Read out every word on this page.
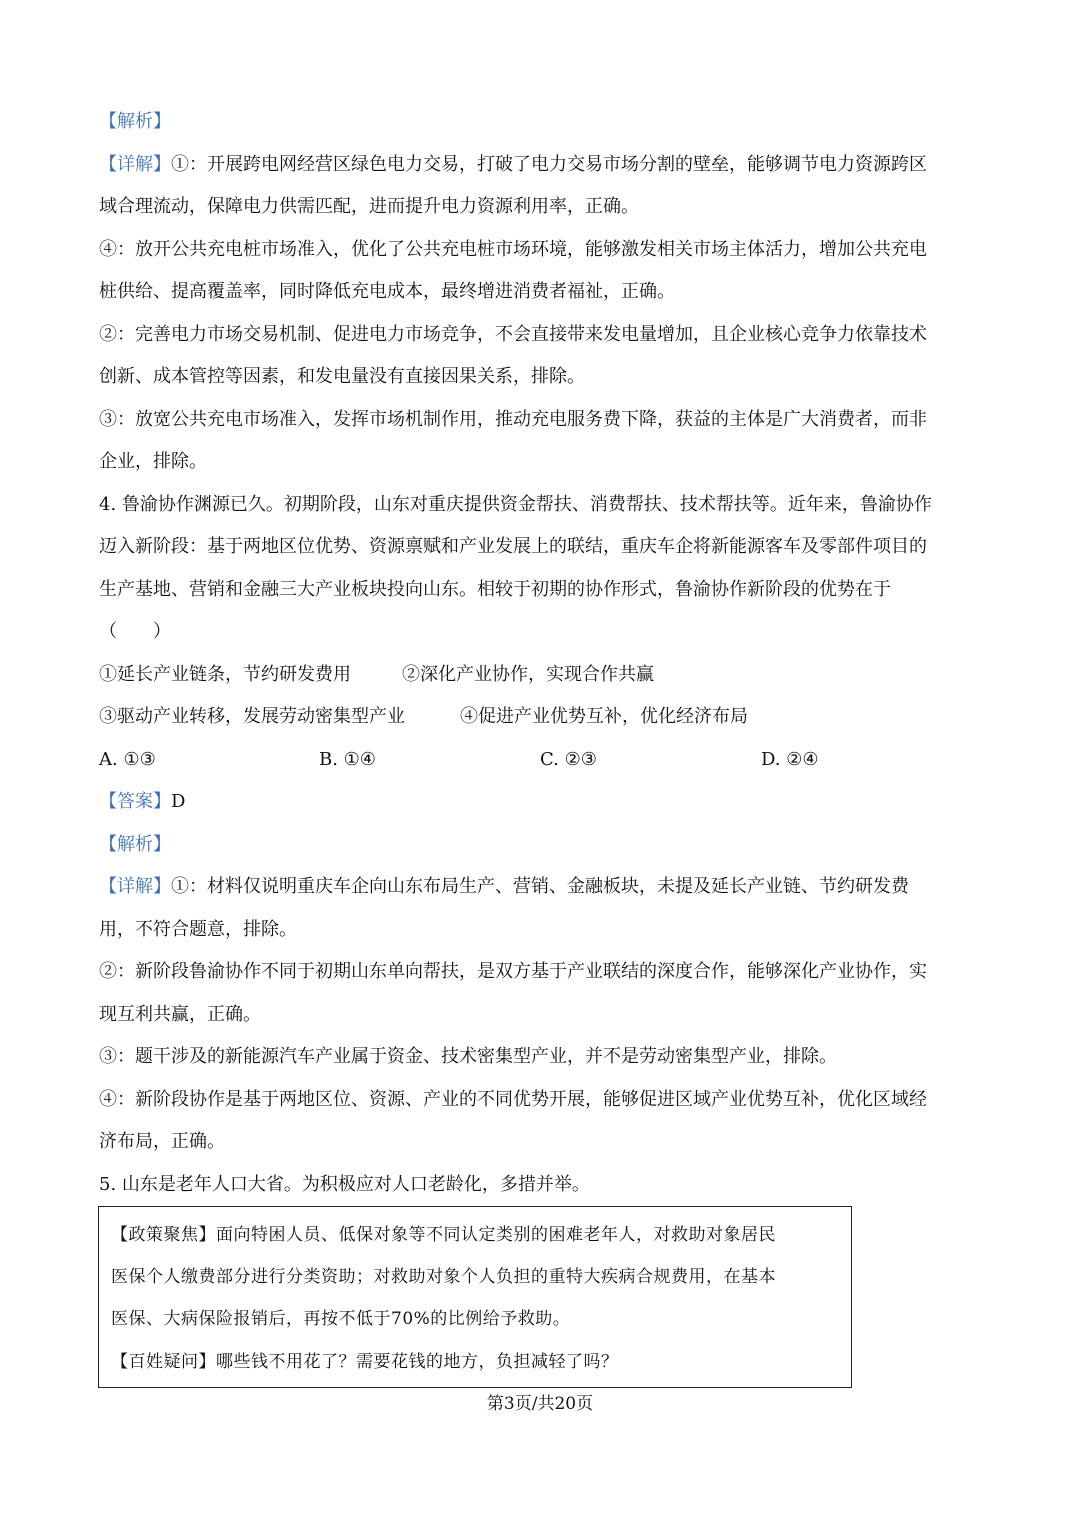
【解析】
【详解】①：开展跨电网经营区绿色电力交易，打破了电力交易市场分割的壁垒，能够调节电力资源跨区
域合理流动，保障电力供需匹配，进而提升电力资源利用率，正确。
④：放开公共充电桩市场准入，优化了公共充电桩市场环境，能够激发相关市场主体活力，增加公共充电
桩供给、提高覆盖率，同时降低充电成本，最终增进消费者福祉，正确。
②：完善电力市场交易机制、促进电力市场竞争，不会直接带来发电量增加，且企业核心竞争力依靠技术
创新、成本管控等因素，和发电量没有直接因果关系，排除。
③：放宽公共充电市场准入，发挥市场机制作用，推动充电服务费下降，获益的主体是广大消费者，而非
企业，排除。
4. 鲁渝协作渊源已久。初期阶段，山东对重庆提供资金帮扶、消费帮扶、技术帮扶等。近年来，鲁渝协作
迈入新阶段：基于两地区位优势、资源禀赋和产业发展上的联结，重庆车企将新能源客车及零部件项目的
生产基地、营销和金融三大产业板块投向山东。相较于初期的协作形式，鲁渝协作新阶段的优势在于
（　　）
①延长产业链条，节约研发费用	②深化产业协作，实现合作共赢
③驱动产业转移，发展劳动密集型产业	④促进产业优势互补，优化经济布局
A. ①③	B. ①④	C. ②③	D. ②④
【答案】D
【解析】
【详解】①：材料仅说明重庆车企向山东布局生产、营销、金融板块，未提及延长产业链、节约研发费
用，不符合题意，排除。
②：新阶段鲁渝协作不同于初期山东单向帮扶，是双方基于产业联结的深度合作，能够深化产业协作，实
现互利共赢，正确。
③：题干涉及的新能源汽车产业属于资金、技术密集型产业，并不是劳动密集型产业，排除。
④：新阶段协作是基于两地区位、资源、产业的不同优势开展，能够促进区域产业优势互补，优化区域经
济布局，正确。
5. 山东是老年人口大省。为积极应对人口老龄化，多措并举。
【政策聚焦】面向特困人员、低保对象等不同认定类别的困难老年人，对救助对象居民
医保个人缴费部分进行分类资助；对救助对象个人负担的重特大疾病合规费用，在基本
医保、大病保险报销后，再按不低于70%的比例给予救助。
【百姓疑问】哪些钱不用花了？需要花钱的地方，负担减轻了吗？
第3页/共20页
